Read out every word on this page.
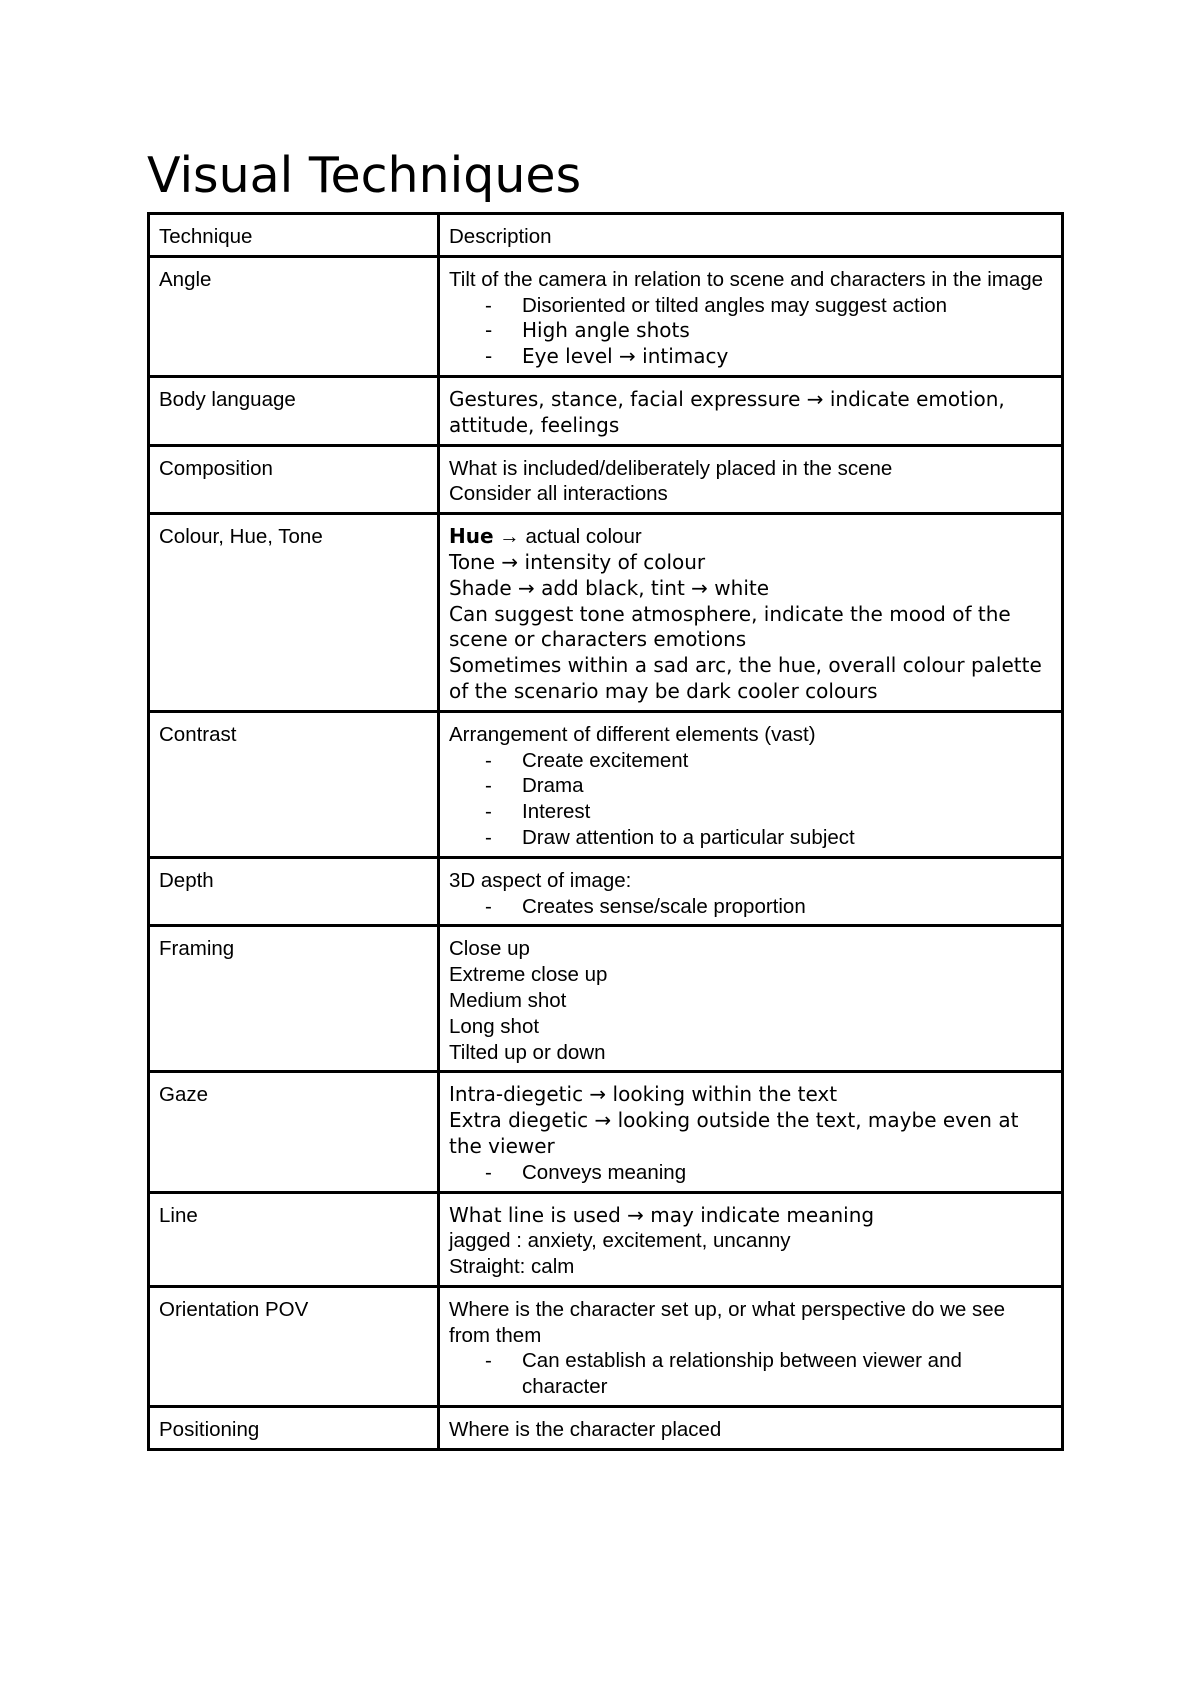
Visual Techniques
Technique	Description
Angle	Tilt of the camera in relation to scene and characters in the image
- Disoriented or tilted angles may suggest action
- High angle shots
- Eye level → intimacy

Body language	Gestures, stance, facial expressure → indicate emotion, attitude, feelings

Composition	What is included/deliberately placed in the scene
Consider all interactions

Colour, Hue, Tone	Hue → actual colour
Tone → intensity of colour
Shade → add black, tint → white
Can suggest tone atmosphere, indicate the mood of the scene or characters emotions
Sometimes within a sad arc, the hue, overall colour palette of the scenario may be dark cooler colours

Contrast	Arrangement of different elements (vast)
- Create excitement
- Drama
- Interest
- Draw attention to a particular subject

Depth	3D aspect of image:
- Creates sense/scale proportion

Framing	Close up
Extreme close up
Medium shot
Long shot
Tilted up or down

Gaze	Intra-diegetic → looking within the text
Extra diegetic → looking outside the text, maybe even at the viewer
- Conveys meaning

Line	What line is used → may indicate meaning
jagged : anxiety, excitement, uncanny
Straight: calm

Orientation POV	Where is the character set up, or what perspective do we see from them
- Can establish a relationship between viewer and character

Positioning	Where is the character placed
